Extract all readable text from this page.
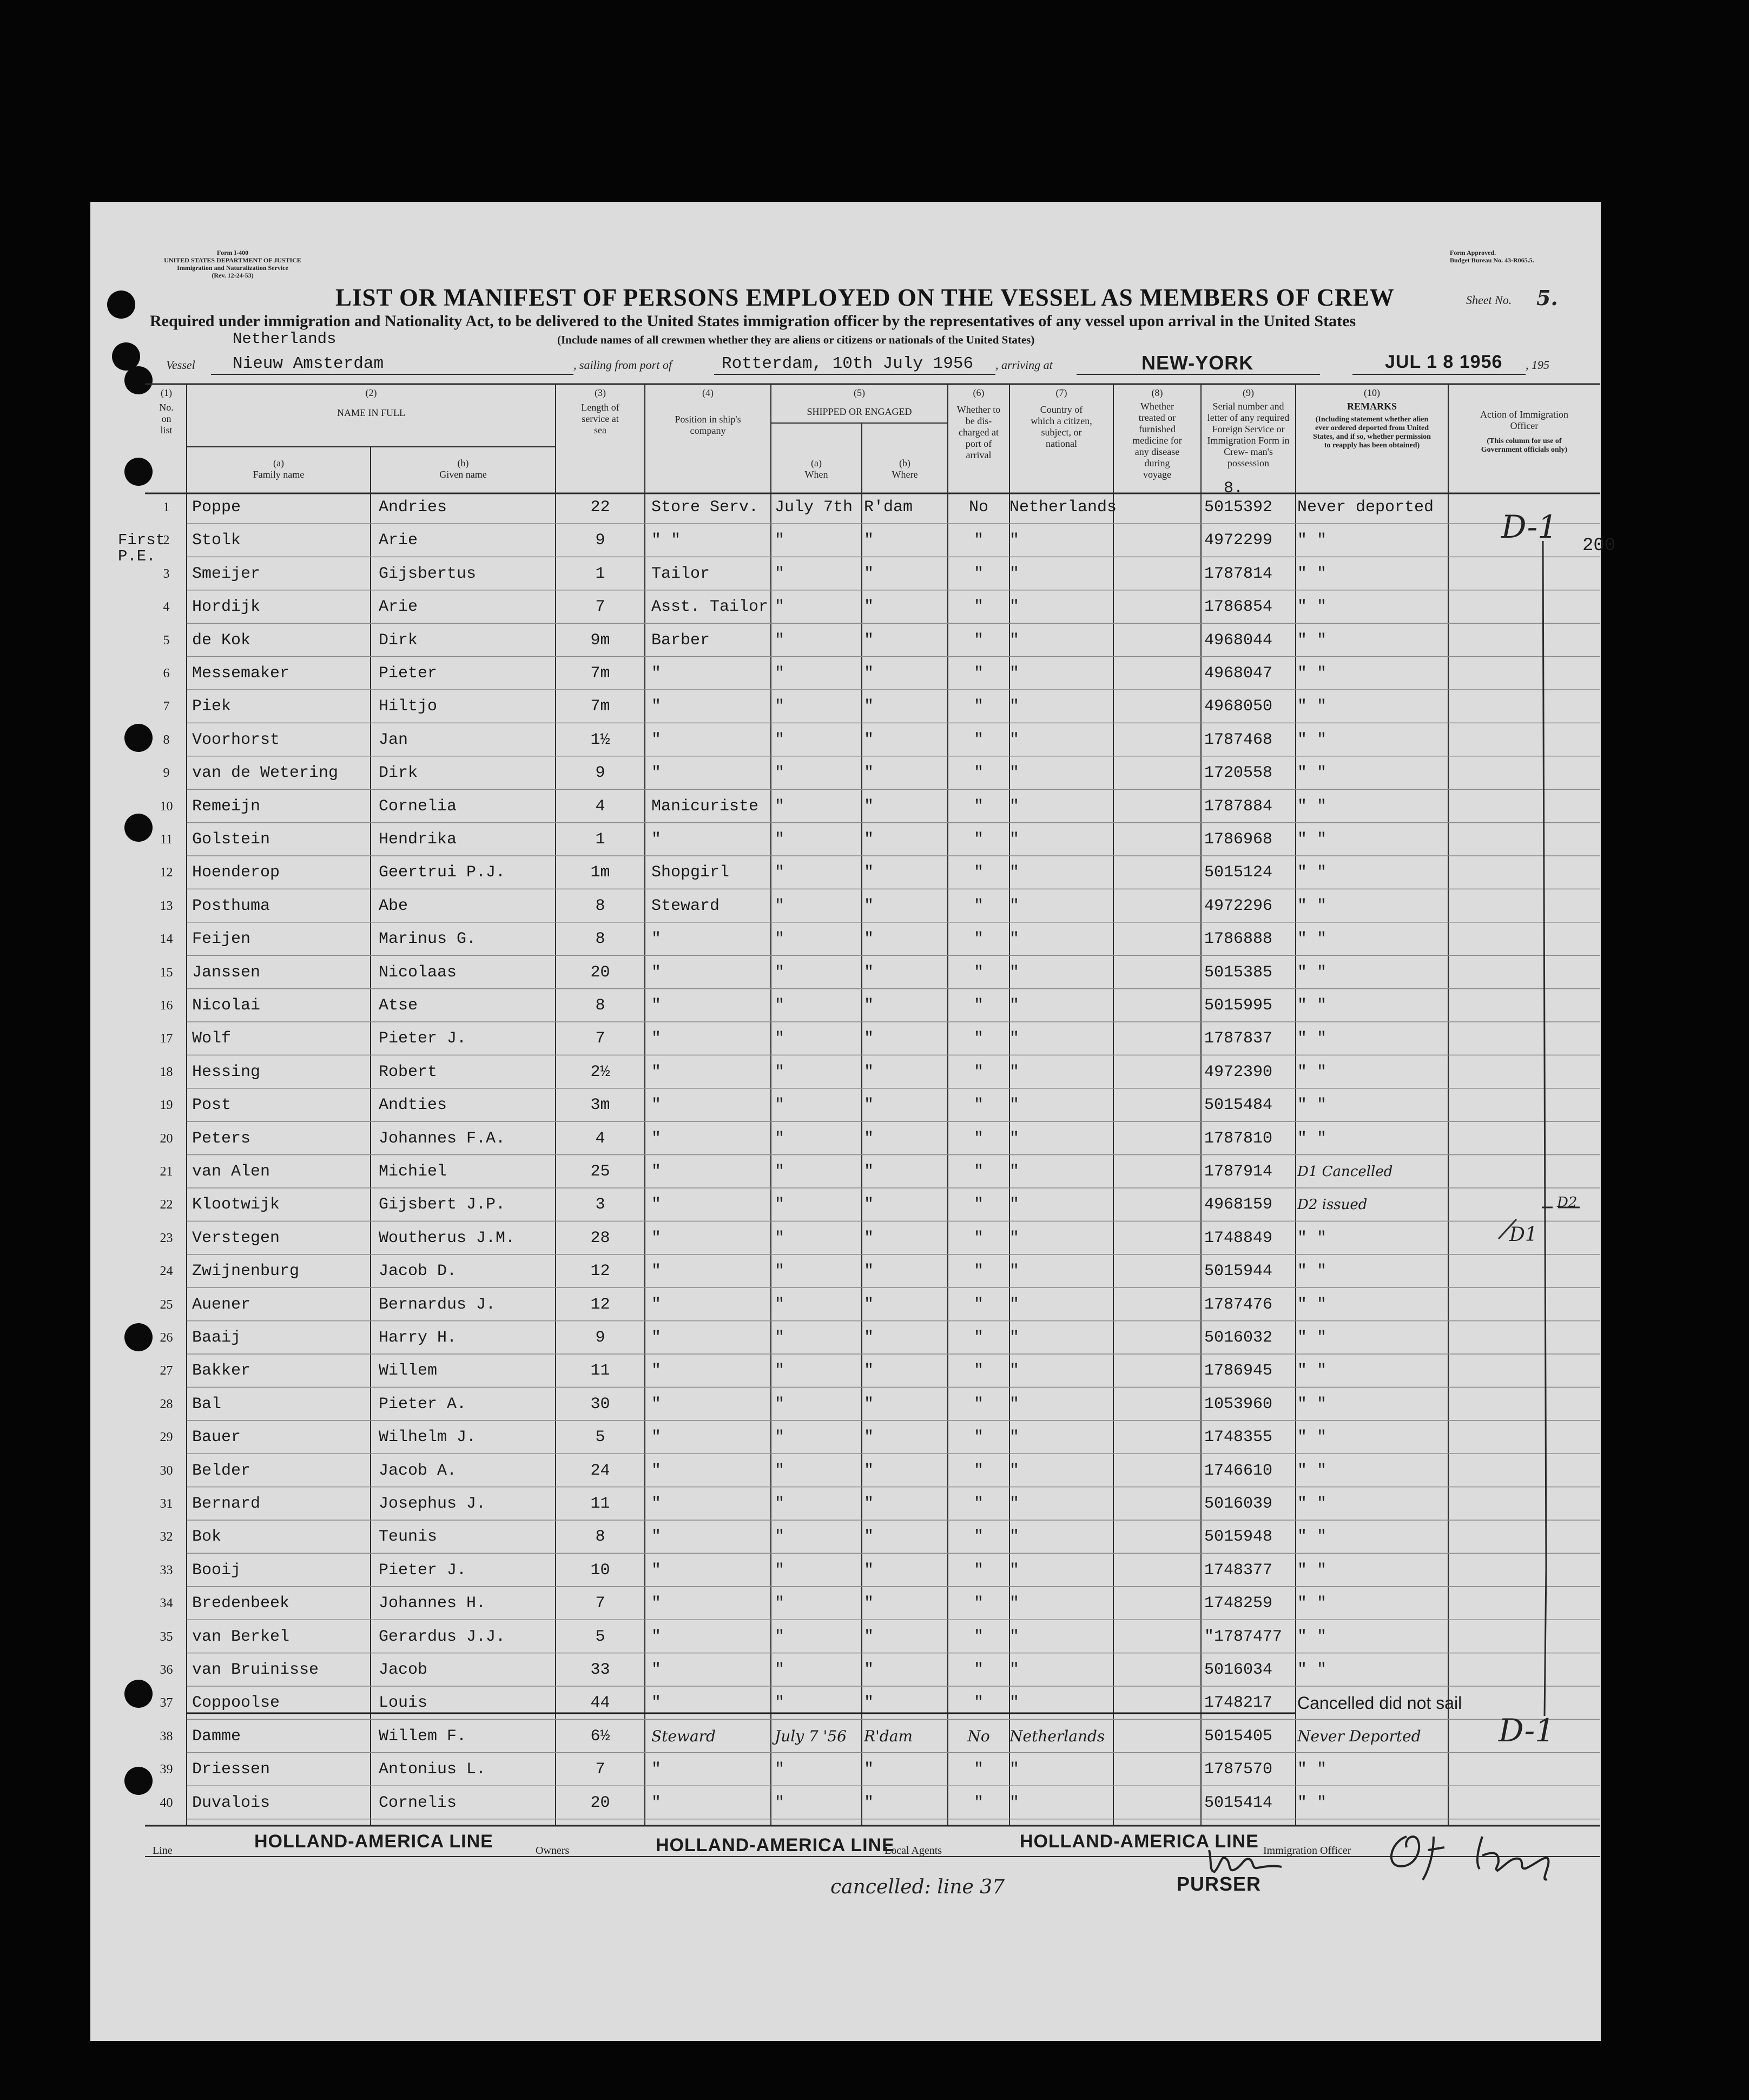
Form I-400
UNITED STATES DEPARTMENT OF JUSTICE
Immigration and Naturalization Service
(Rev. 12-24-53)
Form Approved.
Budget Bureau No. 43-R065.5.
LIST OR MANIFEST OF PERSONS EMPLOYED ON THE VESSEL AS MEMBERS OF CREW	Sheet No. 5.
Required under immigration and Nationality Act, to be delivered to the United States immigration officer by the representatives of any vessel upon arrival in the United States
(Include names of all crewmen whether they are aliens or citizens or nationals of the United States)
Netherlands
Vessel Nieuw Amsterdam	, sailing from port of	Rotterdam, 10th July 1956 , arriving at	NEW-YORK	JUL 1 8 1956 , 195
(1)
No. on list
(2)
NAME IN FULL
(a)
Family name
(b)
Given name
(3)
Length of service at sea
(4)
Position in ship's company
(5)
SHIPPED OR ENGAGED
(a)
When
(b)
Where
(6)
Whether to be dis- charged at port of arrival
(7)
Country of which a citizen, subject, or national
(8)
Whether treated or furnished medicine for any disease during voyage
(9)
Serial number and letter of any required Foreign Service or Immigration Form in Crew- man's possession
(10)
REMARKS
(Including statement whether alien ever ordered deported from United States, and if so, whether permission to reapply has been obtained)
Action of Immigration Officer
(This column for use of Government officials only)
1	Poppe	Andries	22	Store Serv. July 7th R'dam	No	Netherlands	5015392	Never deported
2	Stolk	Arie	9	" "	"	"	"	"	4972299	" "
3	Smeijer	Gijsbertus	1	Tailor	"	"	"	"	1787814	" "
4	Hordijk	Arie	7	Asst. Tailor "	"	"	"	1786854	" "
5	de Kok	Dirk	9m	Barber	"	"	"	"	4968044	" "
6	Messemaker	Pieter	7m	"	"	"	"	"	4968047	" "
7	Piek	Hiltjo	7m	"	"	"	"	"	4968050	" "
8	Voorhorst	Jan	1½	"	"	"	"	"	1787468	" "
9	van de Wetering	Dirk	9	"	"	"	"	"	1720558	" "
10	Remeijn	Cornelia	4	Manicuriste "	"	"	"	1787884	" "
11	Golstein	Hendrika	1	"	"	"	"	"	1786968	" "
12	Hoenderop	Geertrui P.J.	1m	Shopgirl	"	"	"	"	5015124	" "
13	Posthuma	Abe	8	Steward	"	"	"	"	4972296	" "
14	Feijen	Marinus G.	8	"	"	"	"	"	1786888	" "
15	Janssen	Nicolaas	20	"	"	"	"	"	5015385	" "
16	Nicolai	Atse	8	"	"	"	"	"	5015995	" "
17	Wolf	Pieter J.	7	"	"	"	"	"	1787837	" "
18	Hessing	Robert	2½	"	"	"	"	"	4972390	" "
19	Post	Andties	3m	"	"	"	"	"	5015484	" "
20	Peters	Johannes F.A.	4	"	"	"	"	"	1787810	" "
21	van Alen	Michiel	25	"	"	"	"	"	1787914	D1 Cancelled
22	Klootwijk	Gijsbert J.P.	3	"	"	"	"	"	4968159	D2 issued
23	Verstegen	Woutherus J.M.	28	"	"	"	"	"	1748849	" "
24	Zwijnenburg	Jacob D.	12	"	"	"	"	"	5015944	" "
25	Auener	Bernardus J.	12	"	"	"	"	"	1787476	" "
26	Baaij	Harry H.	9	"	"	"	"	"	5016032	" "
27	Bakker	Willem	11	"	"	"	"	"	1786945	" "
28	Bal	Pieter A.	30	"	"	"	"	"	1053960	" "
29	Bauer	Wilhelm J.	5	"	"	"	"	"	1748355	" "
30	Belder	Jacob A.	24	"	"	"	"	"	1746610	" "
31	Bernard	Josephus J.	11	"	"	"	"	"	5016039	" "
32	Bok	Teunis	8	"	"	"	"	"	5015948	" "
33	Booij	Pieter J.	10	"	"	"	"	"	1748377	" "
34	Bredenbeek	Johannes H.	7	"	"	"	"	"	1748259	" "
35	van Berkel	Gerardus J.J.	5	"	"	"	"	"	"1787477 " "
36	van Bruinisse	Jacob	33	"	"	"	"	"	5016034	" "
37	Coppoolse	Louis	44	"	"	"	"	"	1748217	Cancelled did not sail
38	Damme	Willem F.	6½	Steward	July 7 '56	R'dam	No	Netherlands	5015405	Never Deported
39	Driessen	Antonius L.	7	"	"	"	"	"	1787570	" "
40	Duvalois	Cornelis	20	"	"	"	"	"	5015414	" "
First P.E.
200
D-1
D-1
D2
D1
8.
Line	HOLLAND-AMERICA LINE	Owners	HOLLAND-AMERICA LINE
Local Agents	HOLLAND-AMERICA LINE Immigration Officer
PURSER
cancelled: line 37
